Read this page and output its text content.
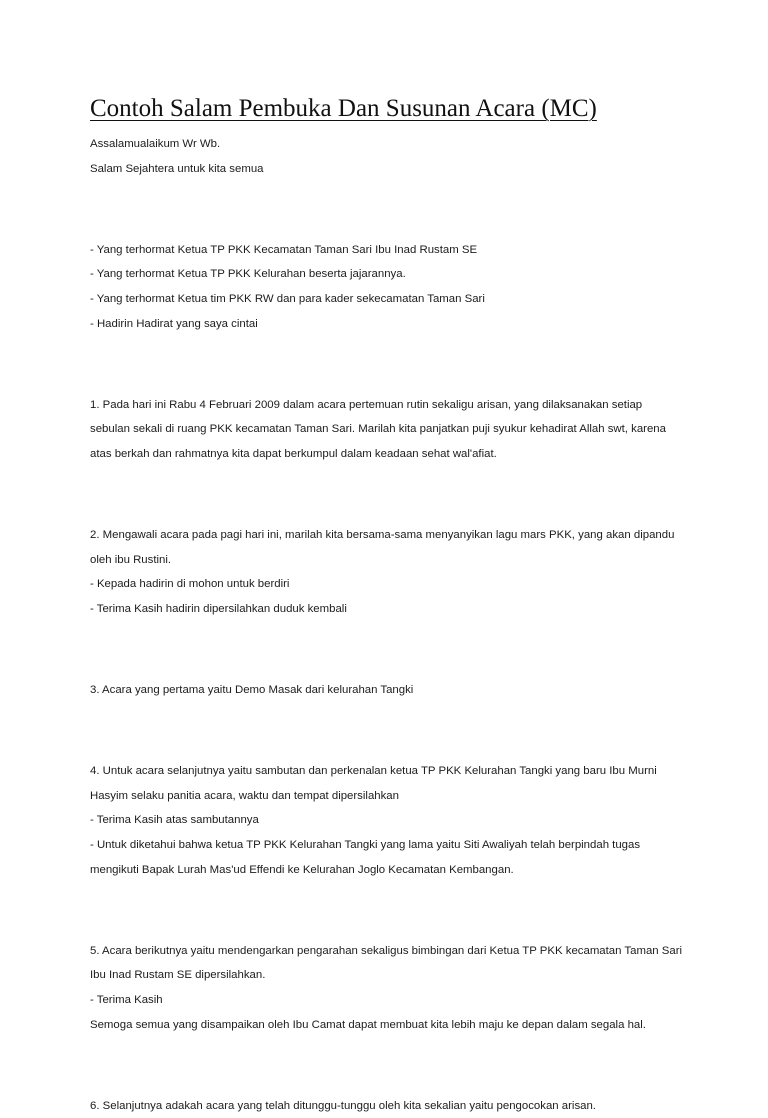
Contoh Salam Pembuka Dan Susunan Acara (MC)

Assalamualaikum Wr Wb.

Salam Sejahtera untuk kita semua

- Yang terhormat Ketua TP PKK Kecamatan Taman Sari Ibu Inad Rustam SE

- Yang terhormat Ketua TP PKK Kelurahan beserta jajarannya.

- Yang terhormat Ketua tim PKK RW dan para kader sekecamatan Taman Sari

- Hadirin Hadirat yang saya cintai

1. Pada hari ini Rabu 4 Februari 2009 dalam acara pertemuan rutin sekaligu arisan, yang dilaksanakan setiap

sebulan sekali di ruang PKK kecamatan Taman Sari. Marilah kita panjatkan puji syukur kehadirat Allah swt, karena

atas berkah dan rahmatnya kita dapat berkumpul dalam keadaan sehat wal'afiat.

2. Mengawali acara pada pagi hari ini, marilah kita bersama-sama menyanyikan lagu mars PKK, yang akan dipandu

oleh ibu Rustini.

- Kepada hadirin di mohon untuk berdiri

- Terima Kasih hadirin dipersilahkan duduk kembali

3. Acara yang pertama yaitu Demo Masak dari kelurahan Tangki

4. Untuk acara selanjutnya yaitu sambutan dan perkenalan ketua TP PKK Kelurahan Tangki yang baru Ibu Murni

Hasyim selaku panitia acara, waktu dan tempat dipersilahkan

- Terima Kasih atas sambutannya

- Untuk diketahui bahwa ketua TP PKK Kelurahan Tangki yang lama yaitu Siti Awaliyah telah berpindah tugas

mengikuti Bapak Lurah Mas'ud Effendi ke Kelurahan Joglo Kecamatan Kembangan.

5. Acara berikutnya yaitu mendengarkan pengarahan sekaligus bimbingan dari Ketua TP PKK kecamatan Taman Sari

Ibu Inad Rustam SE dipersilahkan.

- Terima Kasih

Semoga semua yang disampaikan oleh Ibu Camat dapat membuat kita lebih maju ke depan dalam segala hal.

6. Selanjutnya adakah acara yang telah ditunggu-tunggu oleh kita sekalian yaitu pengocokan arisan.
